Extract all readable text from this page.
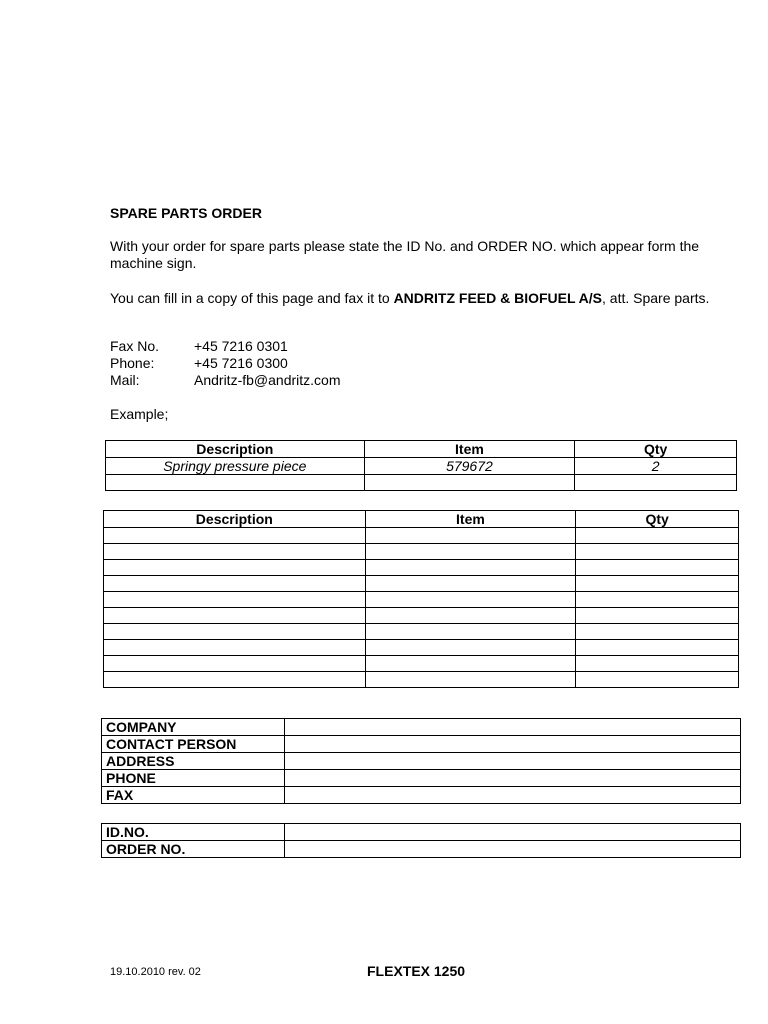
SPARE PARTS ORDER
With your order for spare parts please state the ID No. and ORDER NO. which appear form the machine sign.
You can fill in a copy of this page and fax it to ANDRITZ FEED & BIOFUEL A/S, att. Spare parts.
Fax No.	+45 7216 0301
Phone:	+45 7216 0300
Mail:	Andritz-fb@andritz.com
Example;
Description	Item	Qty
Springy pressure piece	579672	2

Description	Item	Qty

COMPANY	
CONTACT PERSON	
ADDRESS	
PHONE	
FAX	
ID.NO.	
ORDER NO.	
19.10.2010 rev. 02	FLEXTEX 1250
